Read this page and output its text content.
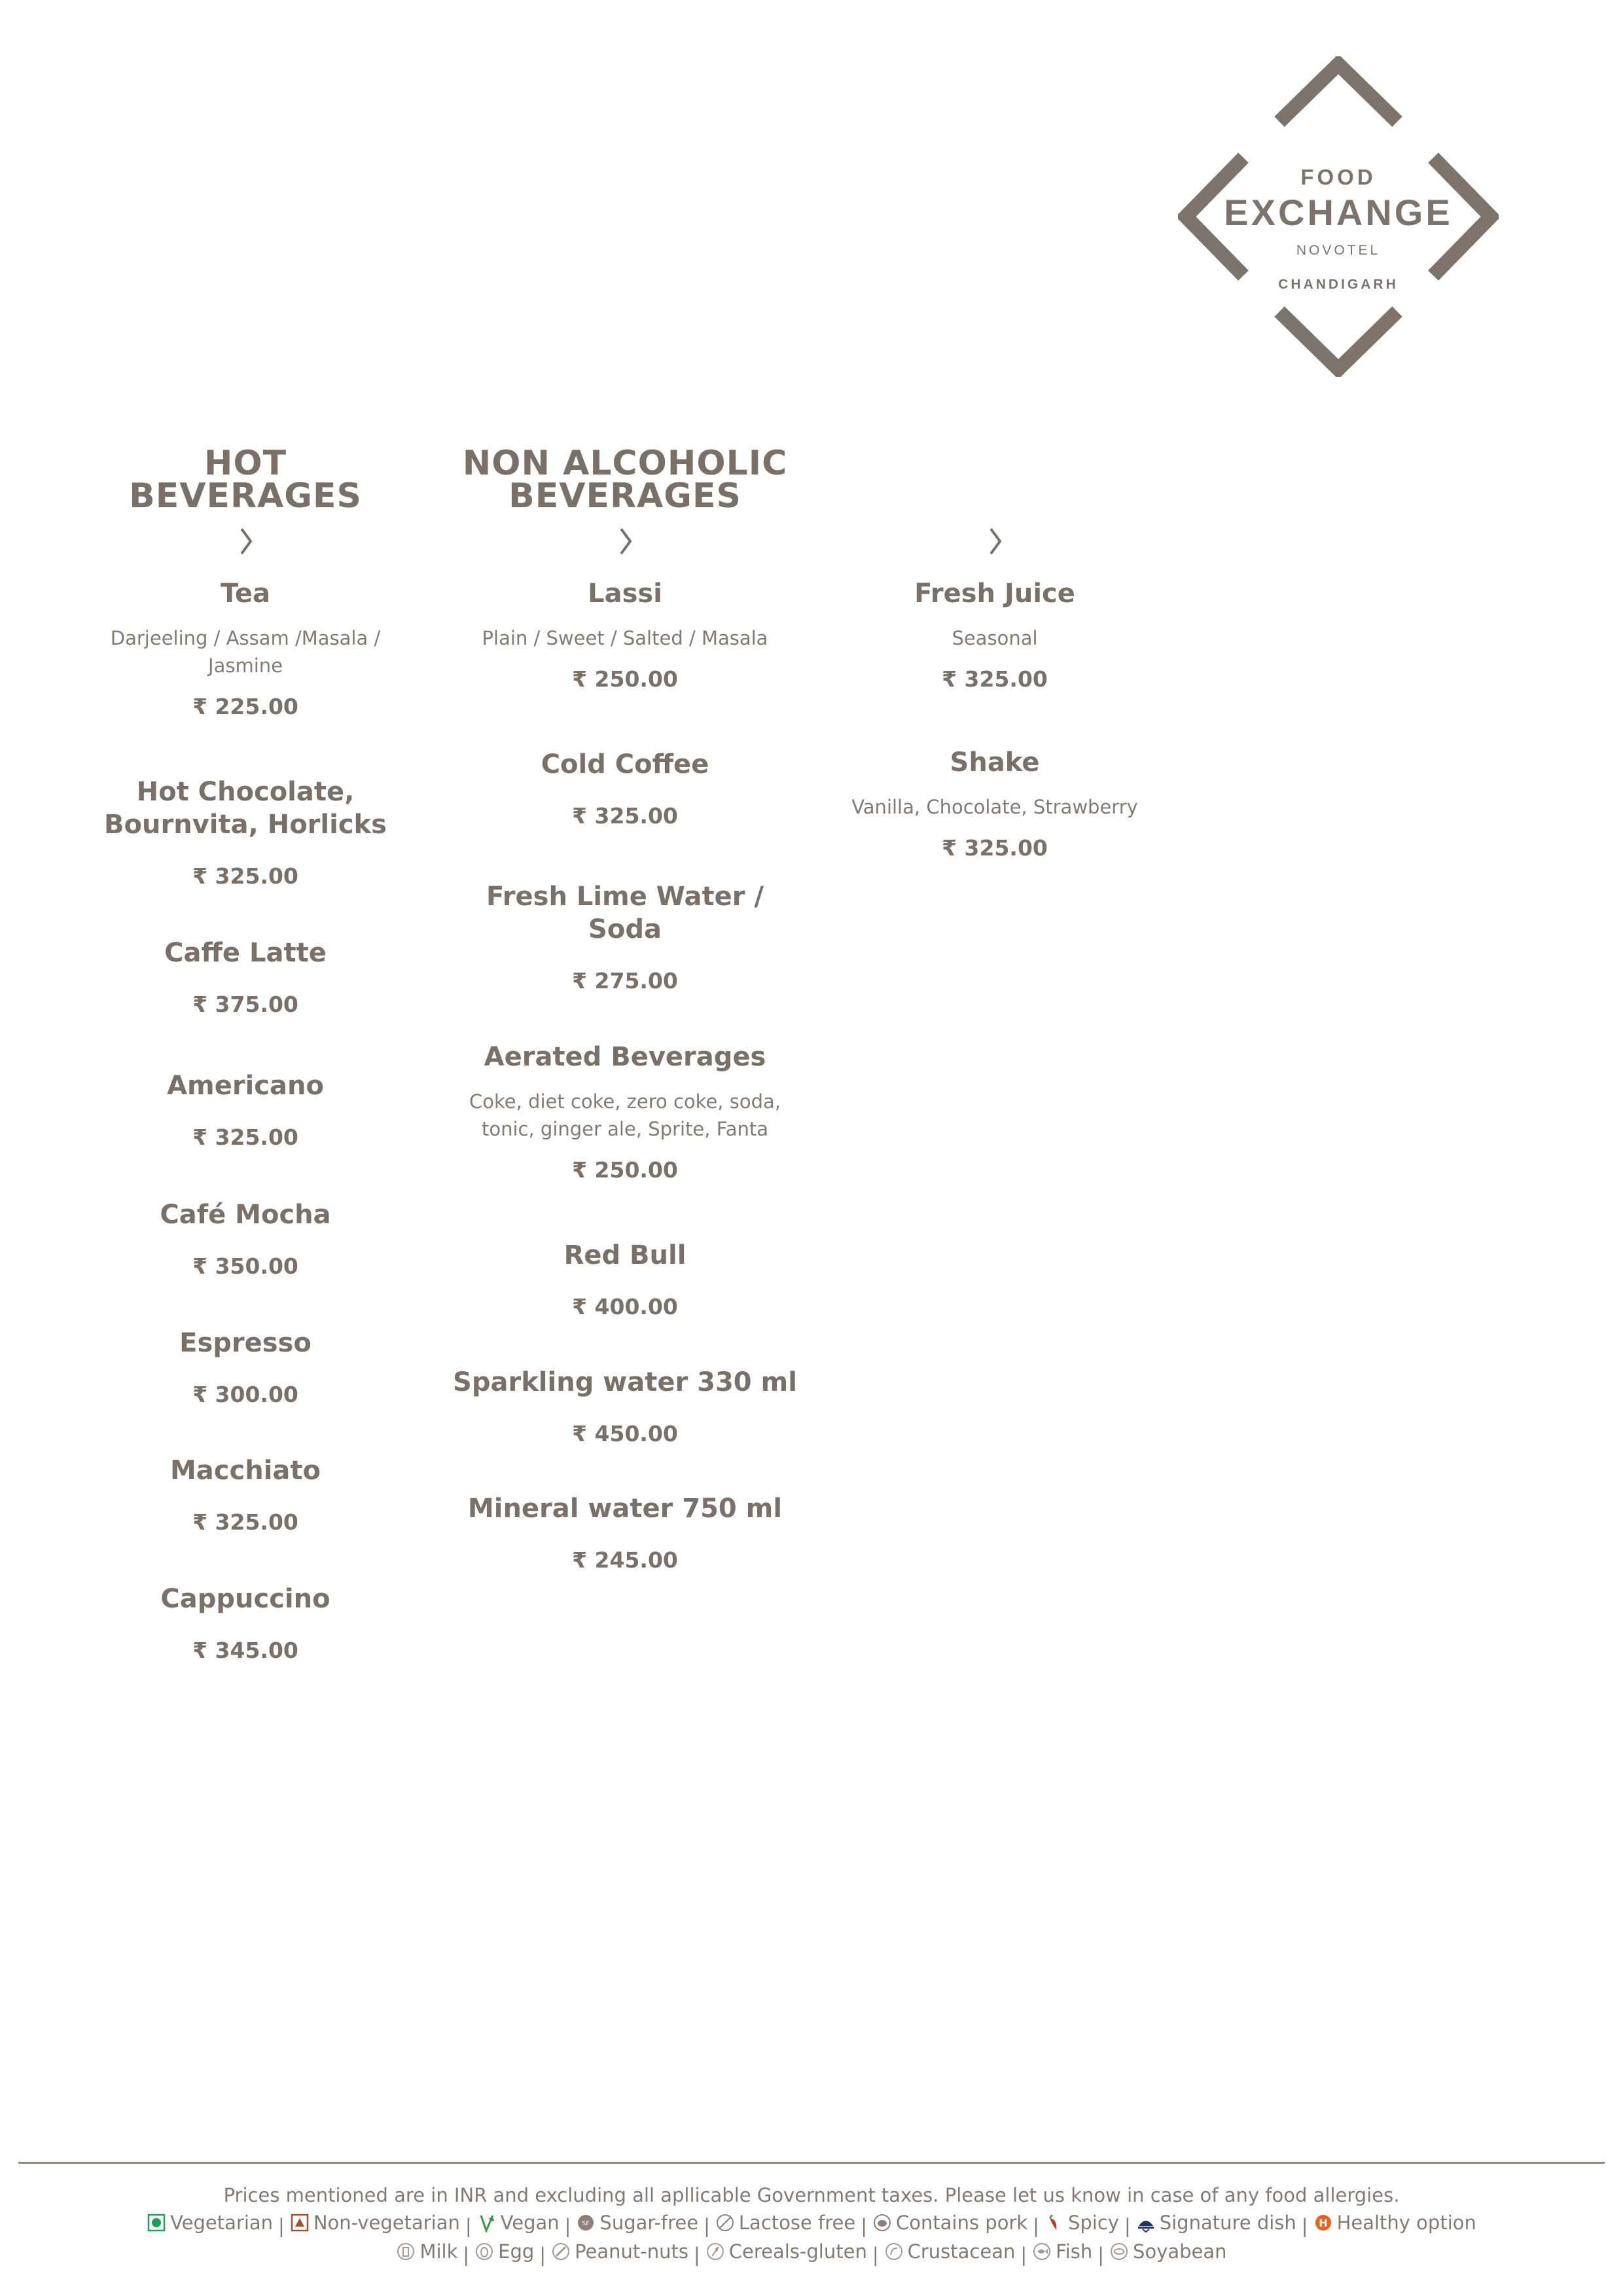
FOOD
EXCHANGE
NOVOTEL
CHANDIGARH
HOT
BEVERAGES
Tea
Darjeeling / Assam /Masala /
Jasmine
₹ 225.00
Hot Chocolate,
Bournvita, Horlicks
₹ 325.00
Caffe Latte
₹ 375.00
Americano
₹ 325.00
Café Mocha
₹ 350.00
Espresso
₹ 300.00
Macchiato
₹ 325.00
Cappuccino
₹ 345.00
NON ALCOHOLIC
BEVERAGES
Lassi
Plain / Sweet / Salted / Masala
₹ 250.00
Cold Coffee
₹ 325.00
Fresh Lime Water /
Soda
₹ 275.00
Aerated Beverages
Coke, diet coke, zero coke, soda,
tonic, ginger ale, Sprite, Fanta
₹ 250.00
Red Bull
₹ 400.00
Sparkling water 330 ml
₹ 450.00
Mineral water 750 ml
₹ 245.00
Fresh Juice
Seasonal
₹ 325.00
Shake
Vanilla, Chocolate, Strawberry
₹ 325.00
Prices mentioned are in INR and excluding all apllicable Government taxes. Please let us know in case of any food allergies.
Vegetarian | Non-vegetarian | Vegan | SF Sugar-free | Lactose free | Contains pork | Spicy | Signature dish | H Healthy option
Milk | Egg | Peanut-nuts | Cereals-gluten | Crustacean | Fish | Soyabean
